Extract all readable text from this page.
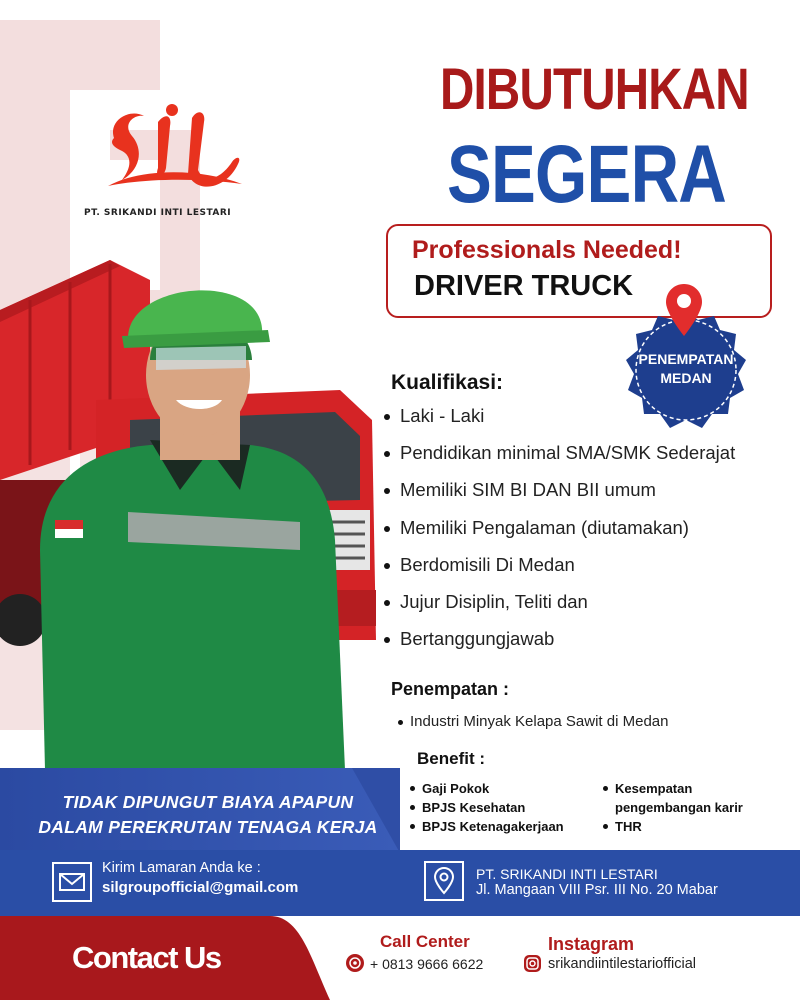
PT. SRIKANDI INTI LESTARI
DIBUTUHKAN
SEGERA
Professionals Needed!
DRIVER TRUCK
PENEMPATAN
MEDAN
Kualifikasi:
Laki - Laki
Pendidikan minimal SMA/SMK Sederajat
Memiliki SIM BI DAN BII umum
Memiliki Pengalaman (diutamakan)
Berdomisili Di Medan
Jujur Disiplin, Teliti dan
Bertanggungjawab
Penempatan :
Industri Minyak Kelapa Sawit di Medan
Benefit :
Gaji Pokok
BPJS Kesehatan
BPJS Ketenagakerjaan
Kesempatan
pengembangan karir
THR
TIDAK DIPUNGUT BIAYA APAPUN
DALAM PEREKRUTAN TENAGA KERJA
Kirim Lamaran Anda ke :
silgroupofficial@gmail.com
PT. SRIKANDI INTI LESTARI
Jl. Mangaan VIII Psr. III No. 20 Mabar
Contact Us	Call Center
+ 0813 9666 6622
Instagram
srikandiintilestariofficial
